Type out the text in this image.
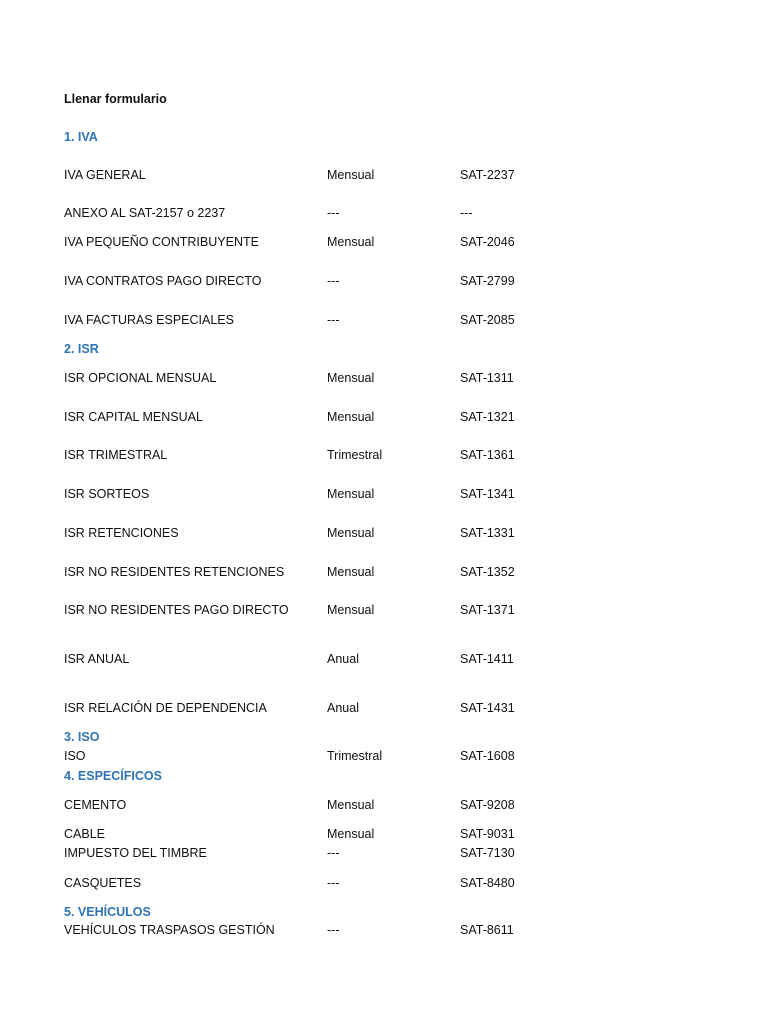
Llenar formulario
1. IVA
IVA GENERAL	Mensual	SAT-2237
ANEXO AL SAT-2157 o 2237	---	---
IVA PEQUEÑO CONTRIBUYENTE	Mensual	SAT-2046
IVA CONTRATOS PAGO DIRECTO	---	SAT-2799
IVA FACTURAS ESPECIALES	---	SAT-2085
2. ISR
ISR OPCIONAL MENSUAL	Mensual	SAT-1311
ISR CAPITAL MENSUAL	Mensual	SAT-1321
ISR TRIMESTRAL	Trimestral	SAT-1361
ISR SORTEOS	Mensual	SAT-1341
ISR RETENCIONES	Mensual	SAT-1331
ISR NO RESIDENTES RETENCIONES	Mensual	SAT-1352
ISR NO RESIDENTES PAGO DIRECTO	Mensual	SAT-1371
ISR ANUAL	Anual	SAT-1411
ISR RELACIÓN DE DEPENDENCIA	Anual	SAT-1431
3. ISO
ISO	Trimestral	SAT-1608
4. ESPECÍFICOS
CEMENTO	Mensual	SAT-9208
CABLE	Mensual	SAT-9031
IMPUESTO DEL TIMBRE	---	SAT-7130
CASQUETES	---	SAT-8480
5. VEHÍCULOS
VEHÍCULOS TRASPASOS GESTIÓN	---	SAT-8611
